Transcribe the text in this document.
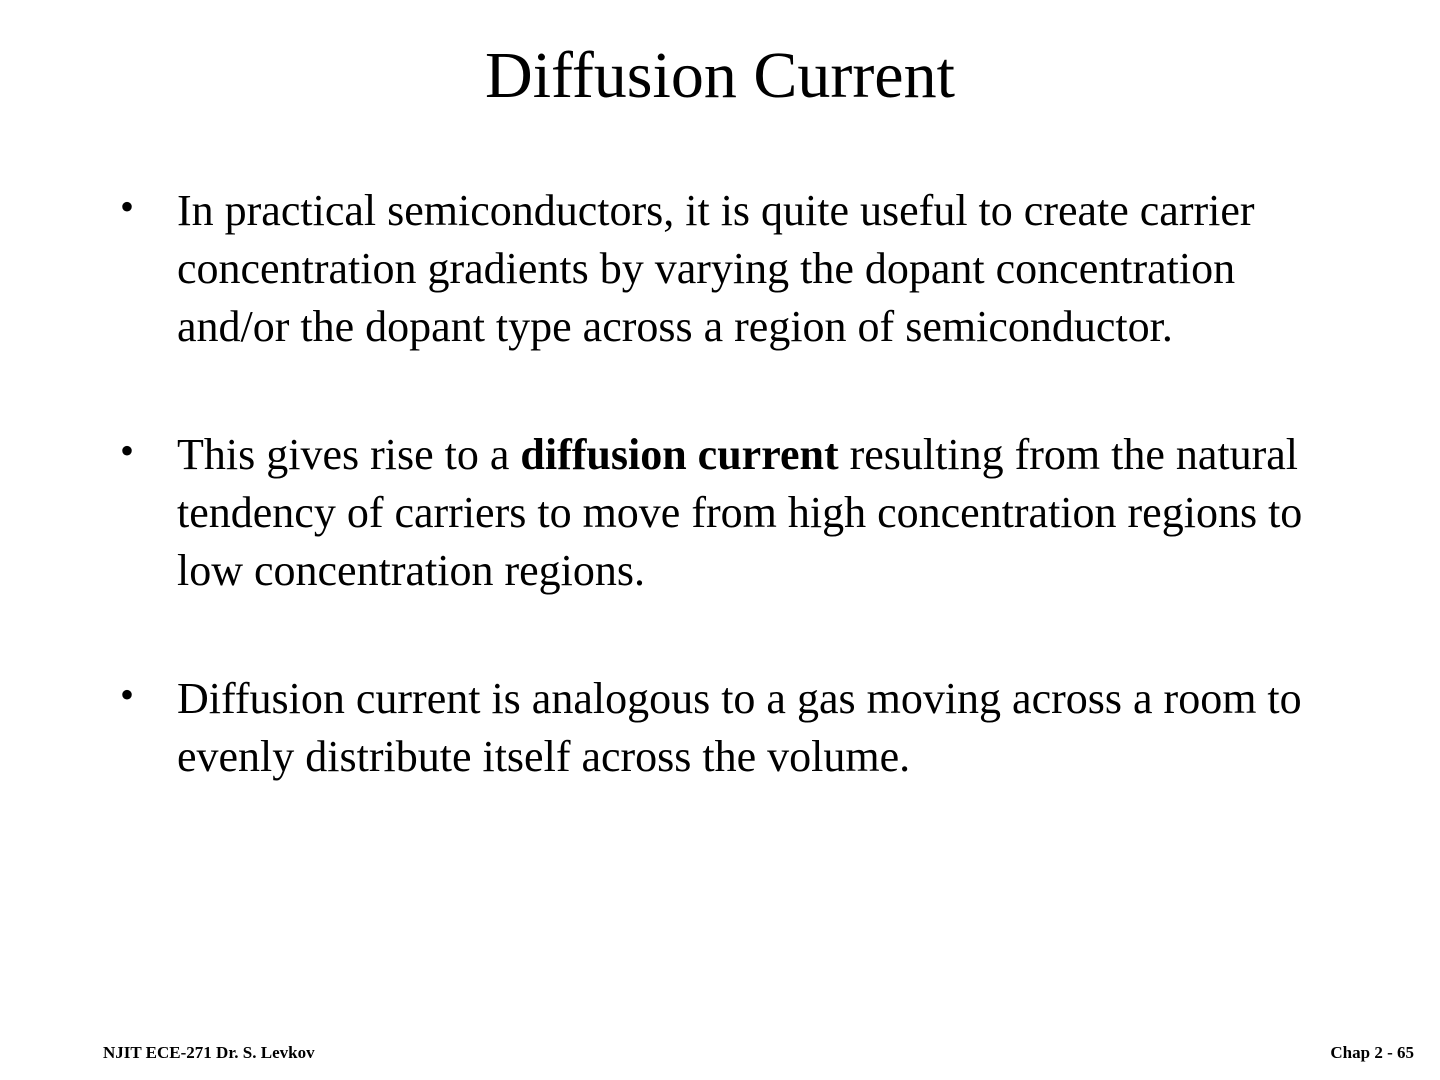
Diffusion Current
• In practical semiconductors, it is quite useful to create carrier concentration gradients by varying the dopant concentration and/or the dopant type across a region of semiconductor.
• This gives rise to a diffusion current resulting from the natural tendency of carriers to move from high concentration regions to low concentration regions.
• Diffusion current is analogous to a gas moving across a room to evenly distribute itself across the volume.
NJIT ECE-271 Dr. S. Levkov	Chap 2 - 65
